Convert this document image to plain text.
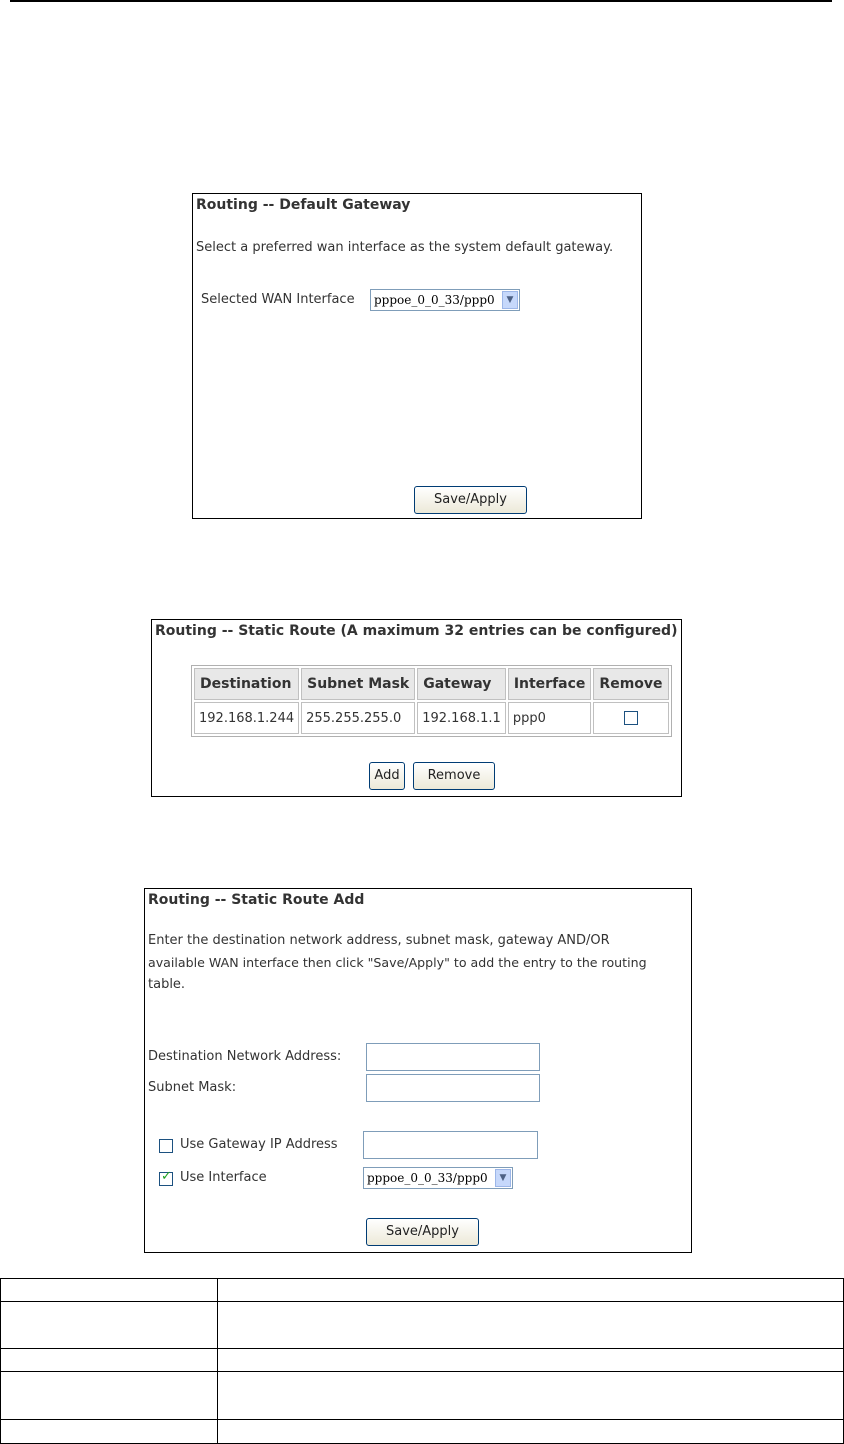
Routing -- Default Gateway
Select a preferred wan interface as the system default gateway.
Selected WAN Interface	pppoe_0_0_33/ppp0	▼
Save/Apply
Routing -- Static Route (A maximum 32 entries can be configured)
Destination	Subnet Mask	Gateway	Interface	Remove
192.168.1.244	255.255.255.0	192.168.1.1	ppp0	
Add	Remove
Routing -- Static Route Add
Enter the destination network address, subnet mask, gateway AND/OR
available WAN interface then click "Save/Apply" to add the entry to the routing
table.
Destination Network Address:
Subnet Mask:
Use Gateway IP Address
✓ Use Interface	pppoe_0_0_33/ppp0	▼
Save/Apply
